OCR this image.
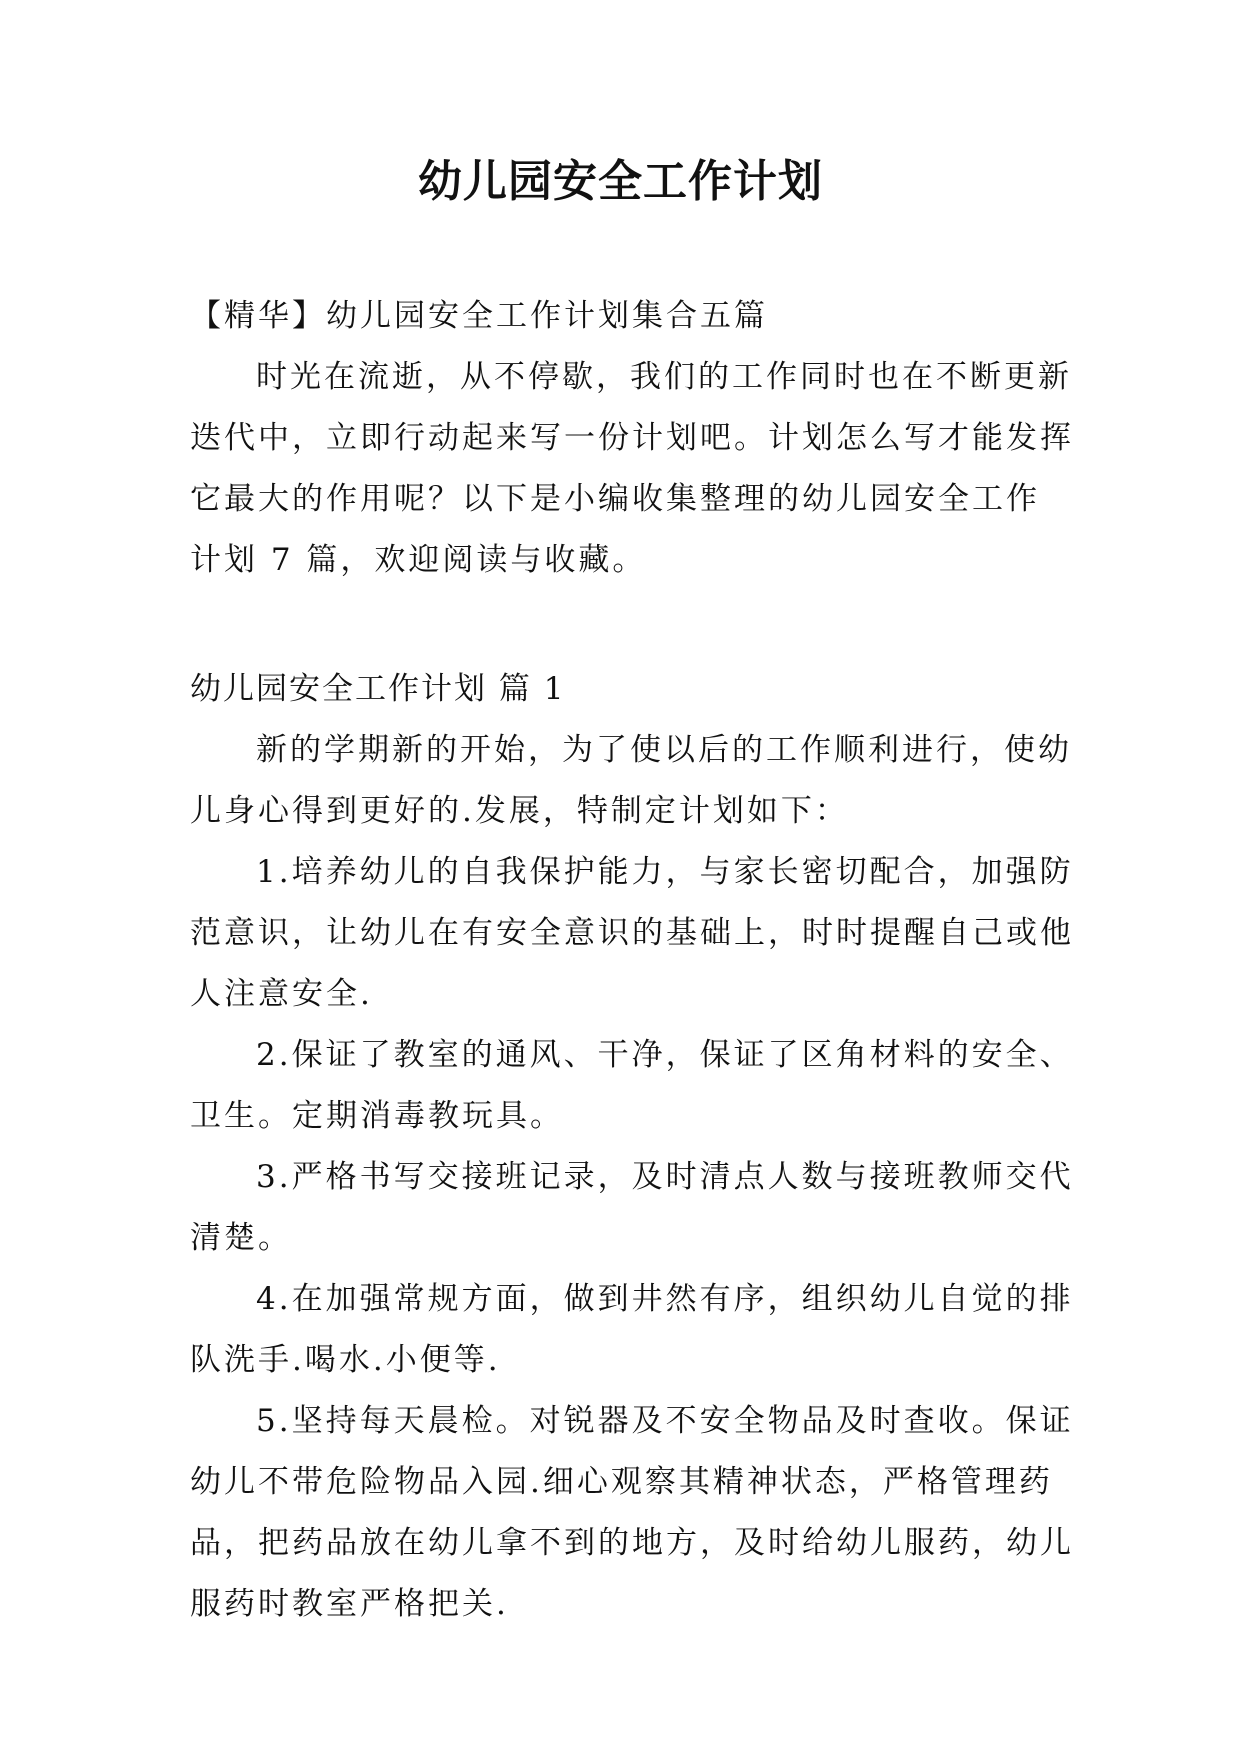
幼儿园安全工作计划
【精华】幼儿园安全工作计划集合五篇
时光在流逝，从不停歇，我们的工作同时也在不断更新
迭代中，立即行动起来写一份计划吧。计划怎么写才能发挥
它最大的作用呢？以下是小编收集整理的幼儿园安全工作
计划 7 篇，欢迎阅读与收藏。
幼儿园安全工作计划 篇 1
新的学期新的开始，为了使以后的工作顺利进行，使幼
儿身心得到更好的.发展，特制定计划如下：
1.培养幼儿的自我保护能力，与家长密切配合，加强防
范意识，让幼儿在有安全意识的基础上，时时提醒自己或他
人注意安全.
2.保证了教室的通风、干净，保证了区角材料的安全、
卫生。定期消毒教玩具。
3.严格书写交接班记录，及时清点人数与接班教师交代
清楚。
4.在加强常规方面，做到井然有序，组织幼儿自觉的排
队洗手.喝水.小便等.
5.坚持每天晨检。对锐器及不安全物品及时查收。保证
幼儿不带危险物品入园.细心观察其精神状态，严格管理药
品，把药品放在幼儿拿不到的地方，及时给幼儿服药，幼儿
服药时教室严格把关.
